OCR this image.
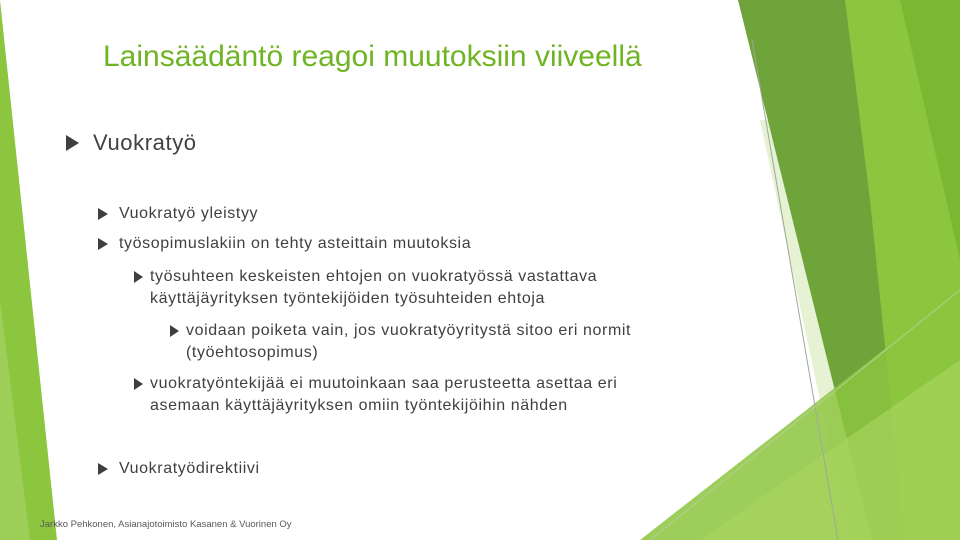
Lainsäädäntö reagoi muutoksiin viiveellä
Vuokratyö
Vuokratyö yleistyy
työsopimuslakiin on tehty asteittain muutoksia
työsuhteen keskeisten ehtojen on vuokratyössä vastattava
käyttäjäyrityksen työntekijöiden työsuhteiden ehtoja
voidaan poiketa vain, jos vuokratyöyritystä sitoo eri normit
(työehtosopimus)
vuokratyöntekijää ei muutoinkaan saa perusteetta asettaa eri
asemaan käyttäjäyrityksen omiin työntekijöihin nähden
Vuokratyödirektiivi
Jarkko Pehkonen, Asianajotoimisto Kasanen & Vuorinen Oy
